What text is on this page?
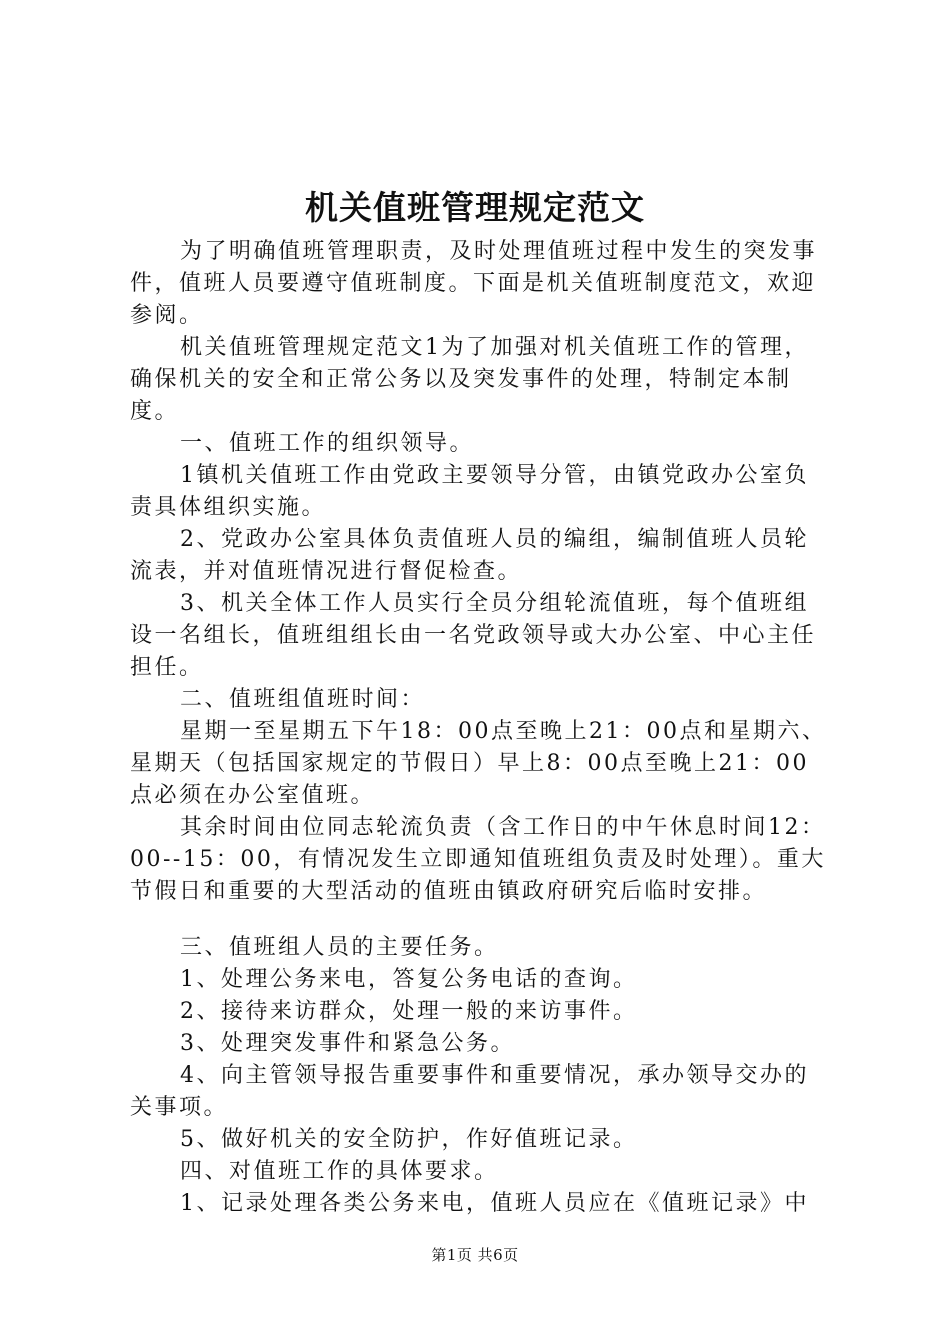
机关值班管理规定范文

为了明确值班管理职责，及时处理值班过程中发生的突发事件，值班人员要遵守值班制度。下面是机关值班制度范文，欢迎参阅。

机关值班管理规定范文1为了加强对机关值班工作的管理，确保机关的安全和正常公务以及突发事件的处理，特制定本制度。

一、值班工作的组织领导。

1镇机关值班工作由党政主要领导分管，由镇党政办公室负责具体组织实施。

2、党政办公室具体负责值班人员的编组，编制值班人员轮流表，并对值班情况进行督促检查。

3、机关全体工作人员实行全员分组轮流值班，每个值班组设一名组长，值班组组长由一名党政领导或大办公室、中心主任担任。

二、值班组值班时间：

星期一至星期五下午18：00点至晚上21：00点和星期六、星期天（包括国家规定的节假日）早上8：00点至晚上21：00点必须在办公室值班。

其余时间由位同志轮流负责（含工作日的中午休息时间12：00--15：00，有情况发生立即通知值班组负责及时处理）。重大节假日和重要的大型活动的值班由镇政府研究后临时安排。

三、值班组人员的主要任务。

1、处理公务来电，答复公务电话的查询。

2、接待来访群众，处理一般的来访事件。

3、处理突发事件和紧急公务。

4、向主管领导报告重要事件和重要情况，承办领导交办的关事项。

5、做好机关的安全防护，作好值班记录。

四、对值班工作的具体要求。

1、记录处理各类公务来电，值班人员应在《值班记录》中

第1页 共6页
